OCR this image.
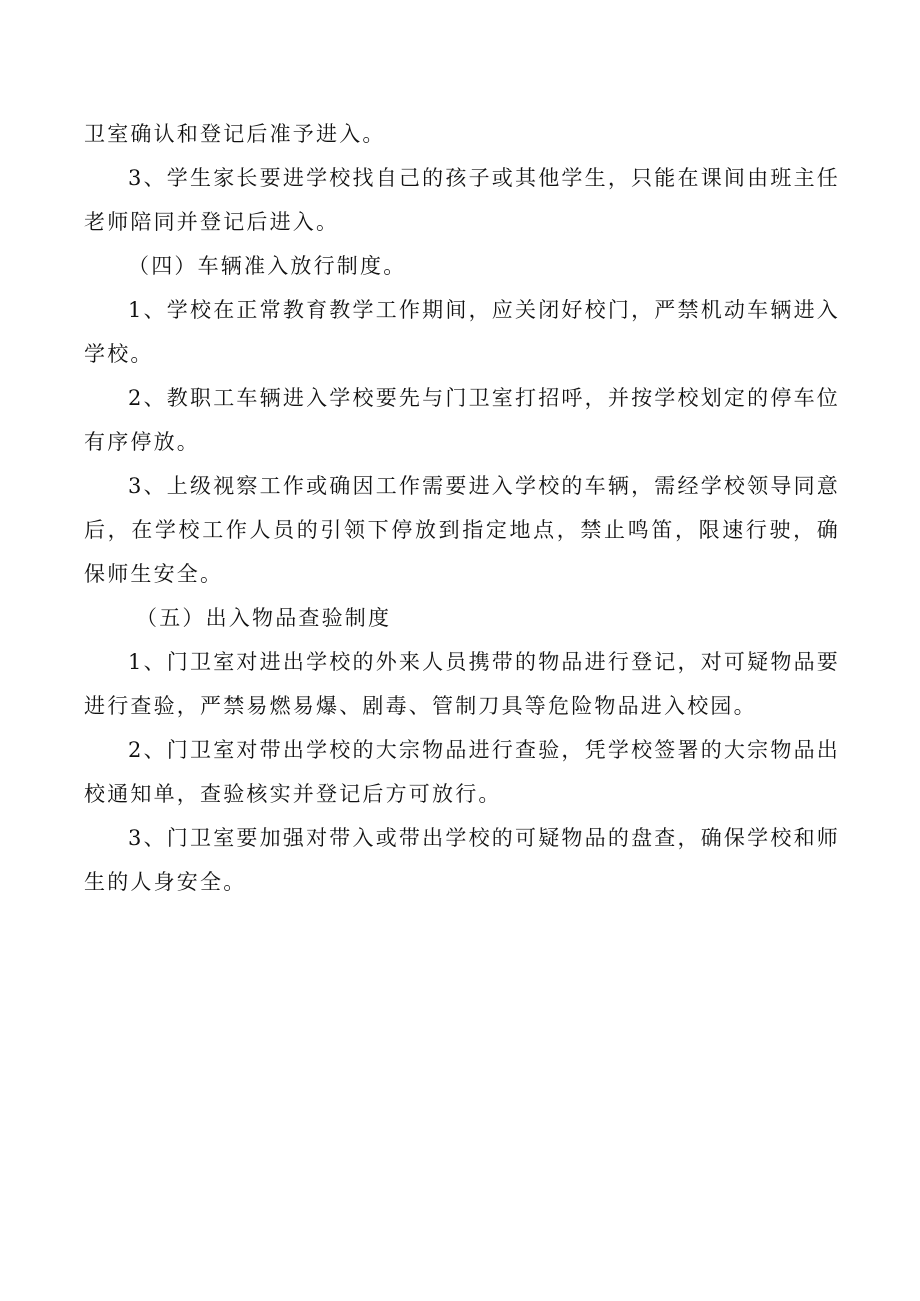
卫室确认和登记后准予进入。

3、学生家长要进学校找自己的孩子或其他学生，只能在课间由班主任老师陪同并登记后进入。

（四）车辆准入放行制度。

1、学校在正常教育教学工作期间，应关闭好校门，严禁机动车辆进入学校。

2、教职工车辆进入学校要先与门卫室打招呼，并按学校划定的停车位有序停放。

3、上级视察工作或确因工作需要进入学校的车辆，需经学校领导同意后，在学校工作人员的引领下停放到指定地点，禁止鸣笛，限速行驶，确保师生安全。

（五）出入物品查验制度

1、门卫室对进出学校的外来人员携带的物品进行登记，对可疑物品要进行查验，严禁易燃易爆、剧毒、管制刀具等危险物品进入校园。

2、门卫室对带出学校的大宗物品进行查验，凭学校签署的大宗物品出校通知单，查验核实并登记后方可放行。

3、门卫室要加强对带入或带出学校的可疑物品的盘查，确保学校和师生的人身安全。
